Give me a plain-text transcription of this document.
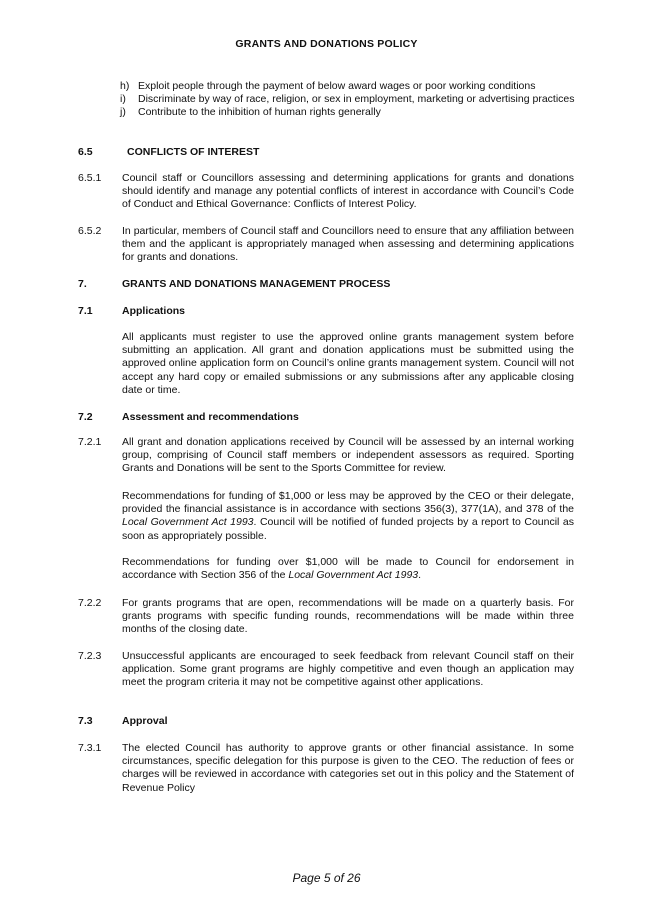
GRANTS AND DONATIONS POLICY
h) Exploit people through the payment of below award wages or poor working conditions
i)	Discriminate by way of race, religion, or sex in employment, marketing or advertising practices
j)	Contribute to the inhibition of human rights generally
6.5	CONFLICTS OF INTEREST
6.5.1 Council staff or Councillors assessing and determining applications for grants and donations should identify and manage any potential conflicts of interest in accordance with Council’s Code of Conduct and Ethical Governance: Conflicts of Interest Policy.
6.5.2 In particular, members of Council staff and Councillors need to ensure that any affiliation between them and the applicant is appropriately managed when assessing and determining applications for grants and donations.
7.	GRANTS AND DONATIONS MANAGEMENT PROCESS
7.1	Applications
All applicants must register to use the approved online grants management system before submitting an application. All grant and donation applications must be submitted using the approved online application form on Council’s online grants management system. Council will not accept any hard copy or emailed submissions or any submissions after any applicable closing date or time.
7.2	Assessment and recommendations
7.2.1 All grant and donation applications received by Council will be assessed by an internal working group, comprising of Council staff members or independent assessors as required. Sporting Grants and Donations will be sent to the Sports Committee for review.
Recommendations for funding of $1,000 or less may be approved by the CEO or their delegate, provided the financial assistance is in accordance with sections 356(3), 377(1A), and 378 of the Local Government Act 1993. Council will be notified of funded projects by a report to Council as soon as appropriately possible.
Recommendations for funding over $1,000 will be made to Council for endorsement in accordance with Section 356 of the Local Government Act 1993.
7.2.2 For grants programs that are open, recommendations will be made on a quarterly basis. For grants programs with specific funding rounds, recommendations will be made within three months of the closing date.
7.2.3 Unsuccessful applicants are encouraged to seek feedback from relevant Council staff on their application. Some grant programs are highly competitive and even though an application may meet the program criteria it may not be competitive against other applications.
7.3	Approval
7.3.1 The elected Council has authority to approve grants or other financial assistance. In some circumstances, specific delegation for this purpose is given to the CEO. The reduction of fees or charges will be reviewed in accordance with categories set out in this policy and the Statement of Revenue Policy
Page 5 of 26
